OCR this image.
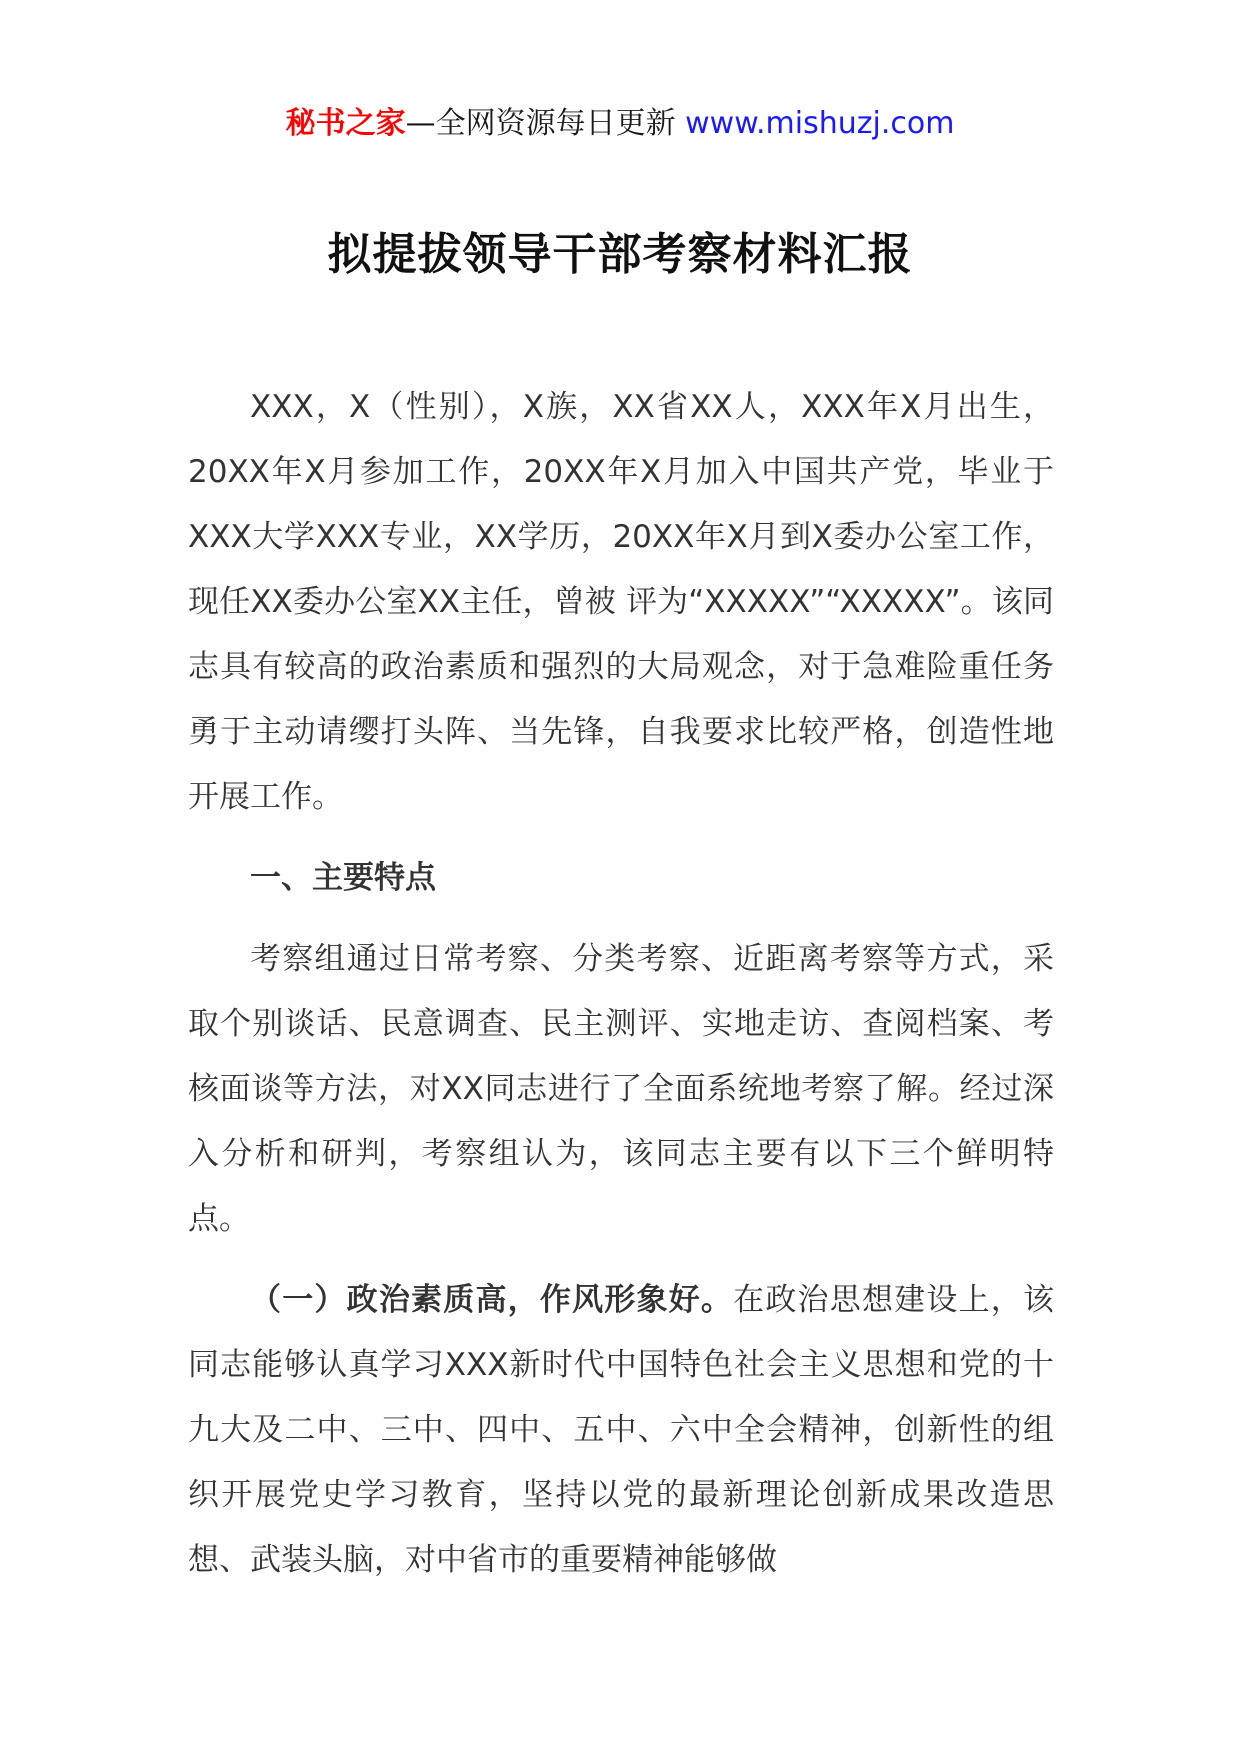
秘书之家—全网资源每日更新 www.mishuzj.com
拟提拔领导干部考察材料汇报

XXX，X（性别），X族，XX省XX人，XXX年X月出生，20XX年X月参加工作，20XX年X月加入中国共产党，毕业于XXX大学XXX专业，XX学历，20XX年X月到X委办公室工作，现任XX委办公室XX主任，曾被 评为“XXXXX”“XXXXX”。该同志具有较高的政治素质和强烈的大局观念，对于急难险重任务勇于主动请缨打头阵、当先锋，自我要求比较严格，创造性地开展工作。

一、主要特点

考察组通过日常考察、分类考察、近距离考察等方式，采取个别谈话、民意调查、民主测评、实地走访、查阅档案、考核面谈等方法，对XX同志进行了全面系统地考察了解。经过深入分析和研判，考察组认为，该同志主要有以下三个鲜明特点。

（一）政治素质高，作风形象好。在政治思想建设上，该同志能够认真学习XXX新时代中国特色社会主义思想和党的十九大及二中、三中、四中、五中、六中全会精神，创新性的组织开展党史学习教育，坚持以党的最新理论创新成果改造思想、武装头脑，对中省市的重要精神能够做
